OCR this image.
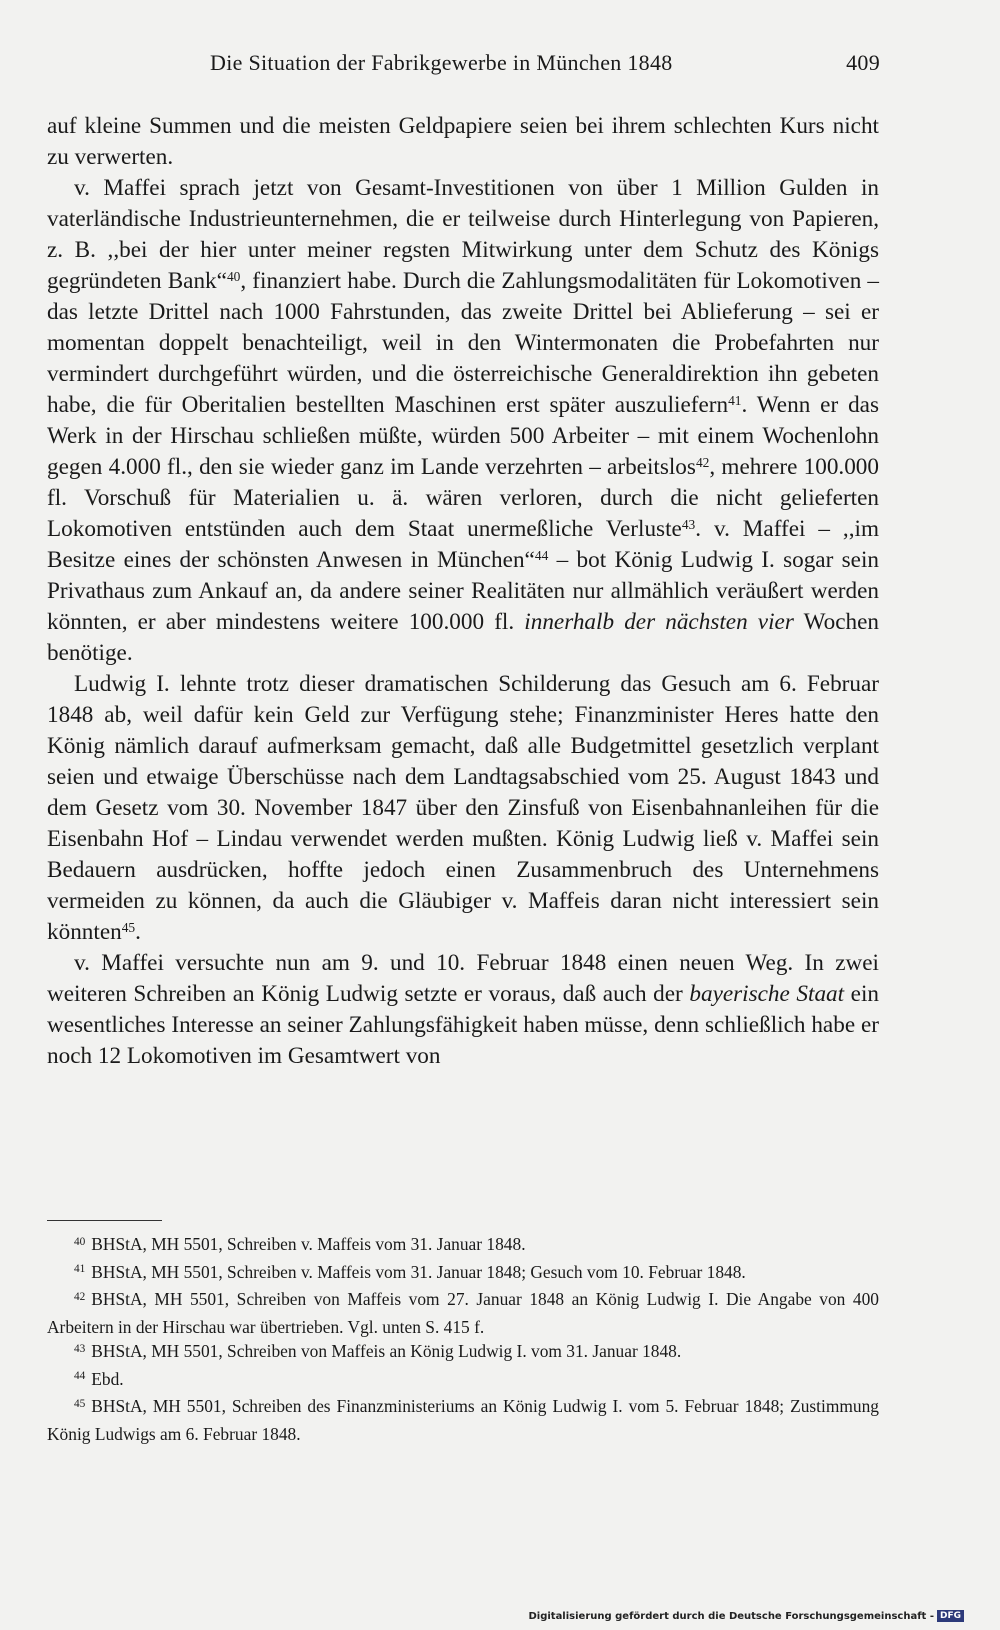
Die Situation der Fabrikgewerbe in München 1848	409

auf kleine Summen und die meisten Geldpapiere seien bei ihrem schlechten Kurs nicht zu verwerten.

v. Maffei sprach jetzt von Gesamt-Investitionen von über 1 Million Gulden in vaterländische Industrieunternehmen, die er teilweise durch Hinterlegung von Papieren, z. B. ,,bei der hier unter meiner regsten Mitwirkung unter dem Schutz des Königs gegründeten Bank“$^{40}$, finanziert habe. Durch die Zahlungsmodalitäten für Lokomotiven – das letzte Drittel nach 1000 Fahrstunden, das zweite Drittel bei Ablieferung – sei er momentan doppelt benachteiligt, weil in den Wintermonaten die Probefahrten nur vermindert durchgeführt würden, und die österreichische Generaldirektion ihn gebeten habe, die für Oberitalien bestellten Maschinen erst später auszuliefern$^{41}$. Wenn er das Werk in der Hirschau schließen müßte, würden 500 Arbeiter – mit einem Wochenlohn gegen 4.000 fl., den sie wieder ganz im Lande verzehrten – arbeitslos$^{42}$, mehrere 100.000 fl. Vorschuß für Materialien u. ä. wären verloren, durch die nicht gelieferten Lokomotiven entstünden auch dem Staat unermeßliche Verluste$^{43}$. v. Maffei – ,,im Besitze eines der schönsten Anwesen in München“$^{44}$ – bot König Ludwig I. sogar sein Privathaus zum Ankauf an, da andere seiner Realitäten nur allmählich veräußert werden könnten, er aber mindestens weitere 100.000 fl. innerhalb der nächsten vier Wochen benötige.

Ludwig I. lehnte trotz dieser dramatischen Schilderung das Gesuch am 6. Februar 1848 ab, weil dafür kein Geld zur Verfügung stehe; Finanzminister Heres hatte den König nämlich darauf aufmerksam gemacht, daß alle Budgetmittel gesetzlich verplant seien und etwaige Überschüsse nach dem Landtagsabschied vom 25. August 1843 und dem Gesetz vom 30. November 1847 über den Zinsfuß von Eisenbahnanleihen für die Eisenbahn Hof – Lindau verwendet werden mußten. König Ludwig ließ v. Maffei sein Bedauern ausdrücken, hoffte jedoch einen Zusammenbruch des Unternehmens vermeiden zu können, da auch die Gläubiger v. Maffeis daran nicht interessiert sein könnten$^{45}$.

v. Maffei versuchte nun am 9. und 10. Februar 1848 einen neuen Weg. In zwei weiteren Schreiben an König Ludwig setzte er voraus, daß auch der bayerische Staat ein wesentliches Interesse an seiner Zahlungsfähigkeit haben müsse, denn schließlich habe er noch 12 Lokomotiven im Gesamtwert von

$^{40}$ BHStA, MH 5501, Schreiben v. Maffeis vom 31. Januar 1848.

$^{41}$ BHStA, MH 5501, Schreiben v. Maffeis vom 31. Januar 1848; Gesuch vom 10. Februar 1848.

$^{42}$ BHStA, MH 5501, Schreiben von Maffeis vom 27. Januar 1848 an König Ludwig I. Die Angabe von 400 Arbeitern in der Hirschau war übertrieben. Vgl. unten S. 415 f.

$^{43}$ BHStA, MH 5501, Schreiben von Maffeis an König Ludwig I. vom 31. Januar 1848.

$^{44}$ Ebd.

$^{45}$ BHStA, MH 5501, Schreiben des Finanzministeriums an König Ludwig I. vom 5. Februar 1848; Zustimmung König Ludwigs am 6. Februar 1848.

Digitalisierung gefördert durch die Deutsche Forschungsgemeinschaft - DFG
